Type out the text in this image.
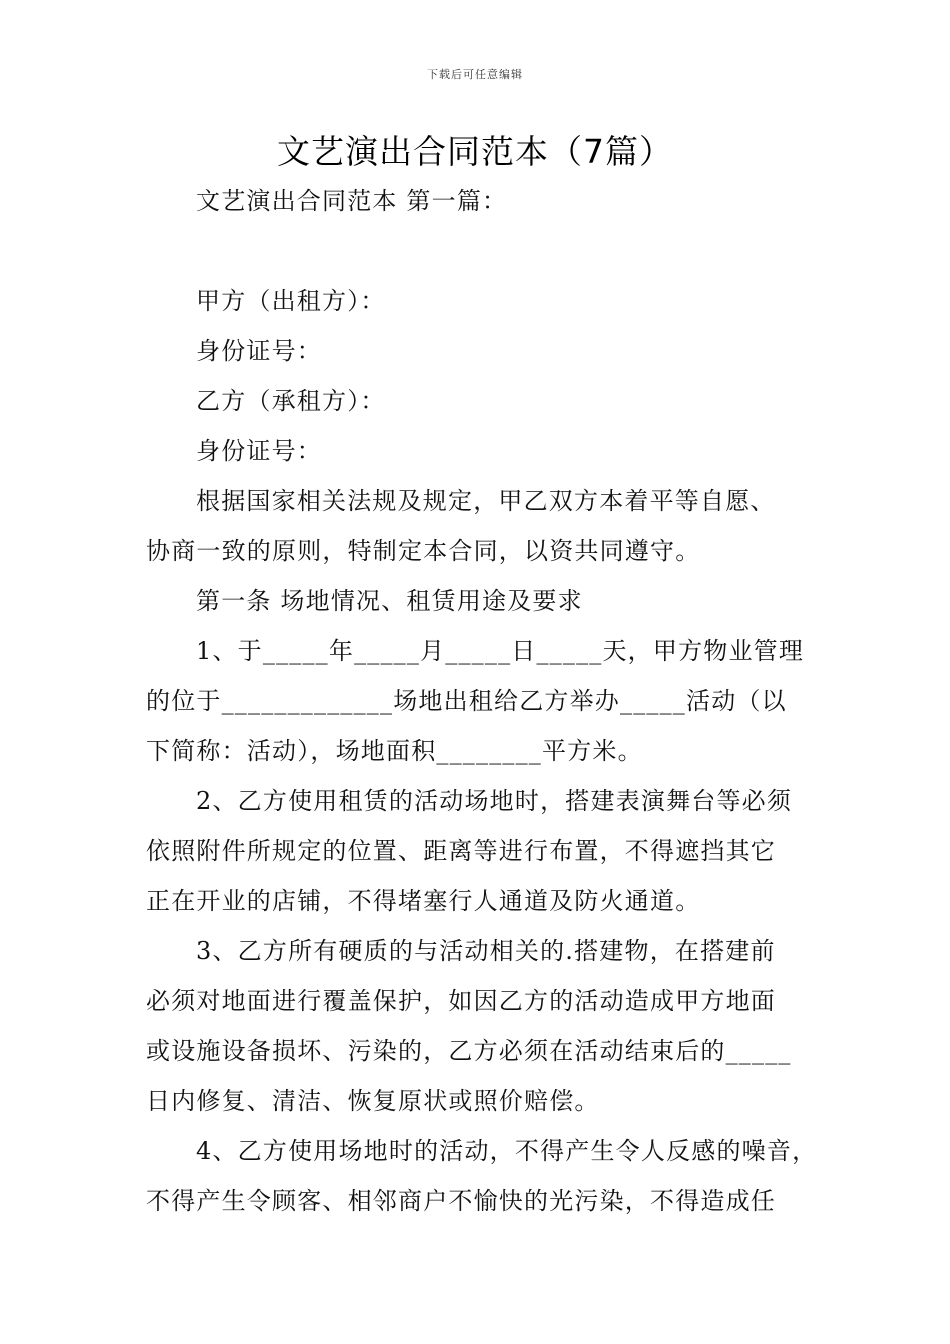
下载后可任意编辑
文艺演出合同范本（7篇）
文艺演出合同范本 第一篇：
甲方（出租方）：
身份证号：
乙方（承租方）：
身份证号：
根据国家相关法规及规定，甲乙双方本着平等自愿、
协商一致的原则，特制定本合同，以资共同遵守。
第一条 场地情况、租赁用途及要求
1、于_____年_____月_____日_____天，甲方物业管理
的位于_____________场地出租给乙方举办_____活动（以
下简称：活动），场地面积________平方米。
2、乙方使用租赁的活动场地时，搭建表演舞台等必须
依照附件所规定的位置、距离等进行布置，不得遮挡其它
正在开业的店铺，不得堵塞行人通道及防火通道。
3、乙方所有硬质的与活动相关的.搭建物，在搭建前
必须对地面进行覆盖保护，如因乙方的活动造成甲方地面
或设施设备损坏、污染的，乙方必须在活动结束后的_____
日内修复、清洁、恢复原状或照价赔偿。
4、乙方使用场地时的活动，不得产生令人反感的噪音，
不得产生令顾客、相邻商户不愉快的光污染，不得造成任
